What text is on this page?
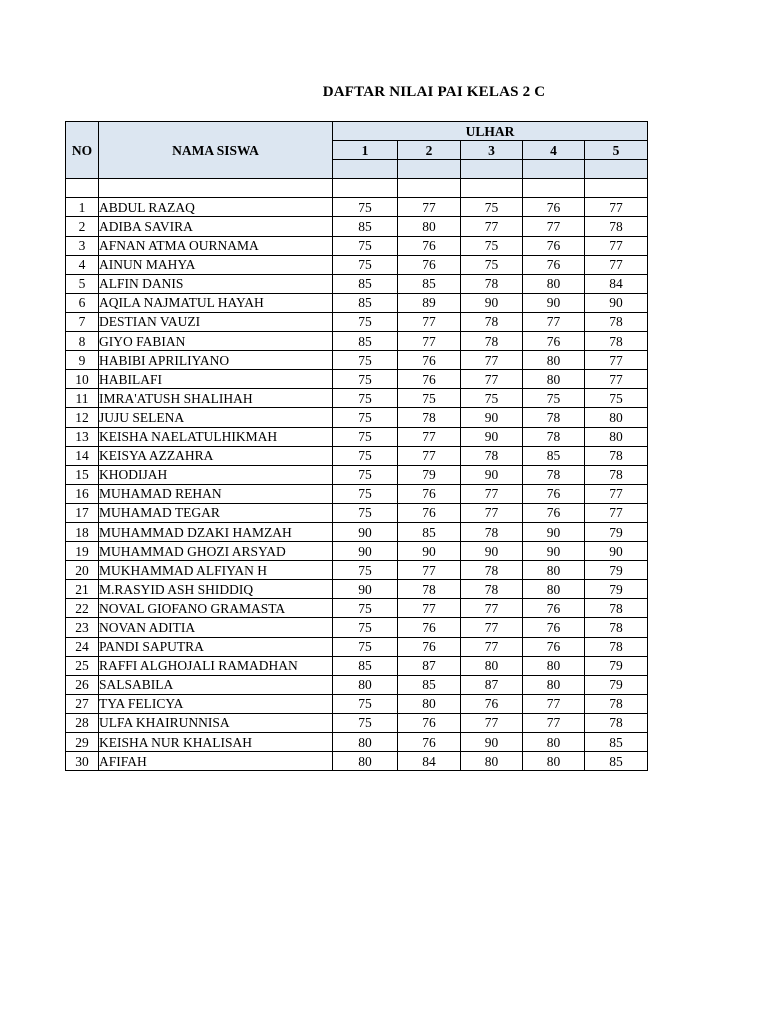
DAFTAR NILAI PAI KELAS 2 C
NO	NAMA SISWA	ULHAR				
		1	2	3	4	5

1	ABDUL RAZAQ	75	77	75	76	77
2	ADIBA SAVIRA	85	80	77	77	78
3	AFNAN ATMA OURNAMA	75	76	75	76	77
4	AINUN MAHYA	75	76	75	76	77
5	ALFIN DANIS	85	85	78	80	84
6	AQILA NAJMATUL HAYAH	85	89	90	90	90
7	DESTIAN VAUZI	75	77	78	77	78
8	GIYO FABIAN	85	77	78	76	78
9	HABIBI APRILIYANO	75	76	77	80	77
10	HABILAFI	75	76	77	80	77
11	IMRA'ATUSH SHALIHAH	75	75	75	75	75
12	JUJU SELENA	75	78	90	78	80
13	KEISHA NAELATULHIKMAH	75	77	90	78	80
14	KEISYA AZZAHRA	75	77	78	85	78
15	KHODIJAH	75	79	90	78	78
16	MUHAMAD REHAN	75	76	77	76	77
17	MUHAMAD TEGAR	75	76	77	76	77
18	MUHAMMAD DZAKI HAMZAH	90	85	78	90	79
19	MUHAMMAD GHOZI ARSYAD	90	90	90	90	90
20	MUKHAMMAD ALFIYAN H	75	77	78	80	79
21	M.RASYID ASH SHIDDIQ	90	78	78	80	79
22	NOVAL GIOFANO GRAMASTA	75	77	77	76	78
23	NOVAN ADITIA	75	76	77	76	78
24	PANDI SAPUTRA	75	76	77	76	78
25	RAFFI ALGHOJALI RAMADHAN	85	87	80	80	79
26	SALSABILA	80	85	87	80	79
27	TYA FELICYA	75	80	76	77	78
28	ULFA KHAIRUNNISA	75	76	77	77	78
29	KEISHA NUR KHALISAH	80	76	90	80	85
30	AFIFAH	80	84	80	80	85
